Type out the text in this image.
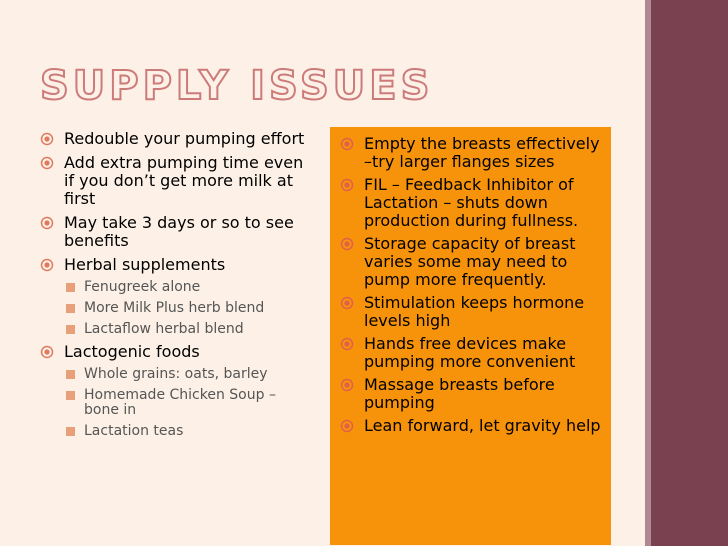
SUPPLY ISSUES
Redouble your pumping effort
Add extra pumping time even if you don’t get more milk at first
May take 3 days or so to see benefits
Herbal supplements
Fenugreek alone
More Milk Plus herb blend
Lactaflow herbal blend
Lactogenic foods
Whole grains: oats, barley
Homemade Chicken Soup – bone in
Lactation teas
Empty the breasts effectively –try larger flanges sizes
FIL – Feedback Inhibitor of Lactation – shuts down production during fullness.
Storage capacity of breast varies some may need to pump more frequently.
Stimulation keeps hormone levels high
Hands free devices make pumping more convenient
Massage breasts before pumping
Lean forward, let gravity help
